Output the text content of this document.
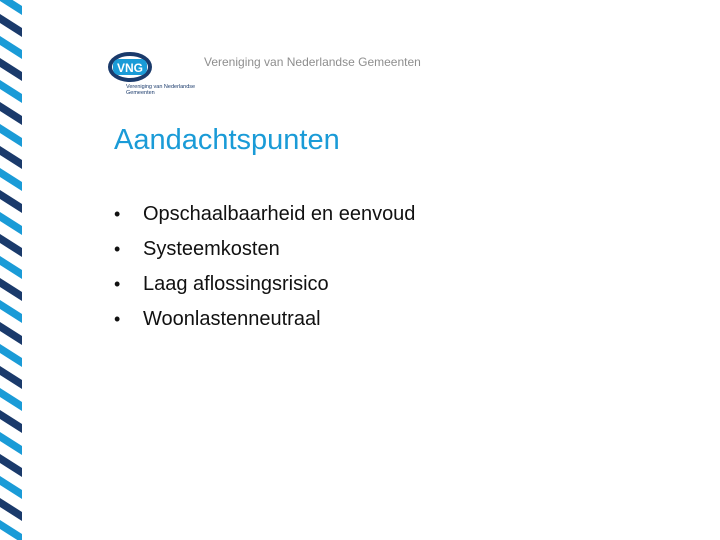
VNG
Vereniging van Nederlandse Gemeenten
Vereniging van Nederlandse Gemeenten
Aandachtspunten
•	Opschaalbaarheid en eenvoud
•	Systeemkosten
•	Laag aflossingsrisico
•	Woonlastenneutraal
